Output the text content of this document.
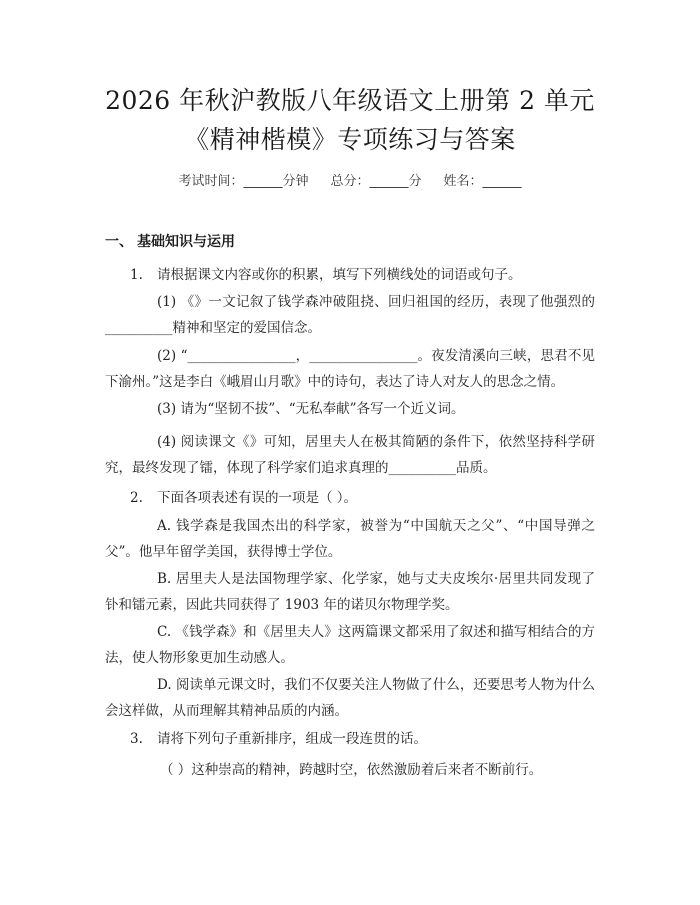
2026 年秋沪教版八年级语文上册第 2 单元
《精神楷模》专项练习与答案
考试时间：______分钟 总分：______分 姓名：______
一、 基础知识与运用
1. 请根据课文内容或你的积累，填写下列横线处的词语或句子。
(1) 《》一文记叙了钱学森冲破阻挠、回归祖国的经历，表现了他强烈的__________精神和坚定的爱国信念。
(2) “________________，________________。夜发清溪向三峡，思君不见下渝州。”这是李白《峨眉山月歌》中的诗句，表达了诗人对友人的思念之情。
(3) 请为“坚韧不拔”、“无私奉献”各写一个近义词。
(4) 阅读课文《》可知，居里夫人在极其简陋的条件下，依然坚持科学研究，最终发现了镭，体现了科学家们追求真理的__________品质。
2. 下面各项表述有误的一项是（ ）。
A. 钱学森是我国杰出的科学家，被誉为“中国航天之父”、“中国导弹之父”。他早年留学美国，获得博士学位。
B. 居里夫人是法国物理学家、化学家，她与丈夫皮埃尔·居里共同发现了钋和镭元素，因此共同获得了 1903 年的诺贝尔物理学奖。
C. 《钱学森》和《居里夫人》这两篇课文都采用了叙述和描写相结合的方法，使人物形象更加生动感人。
D. 阅读单元课文时，我们不仅要关注人物做了什么，还要思考人物为什么会这样做，从而理解其精神品质的内涵。
3. 请将下列句子重新排序，组成一段连贯的话。
（ ）这种崇高的精神，跨越时空，依然激励着后来者不断前行。
